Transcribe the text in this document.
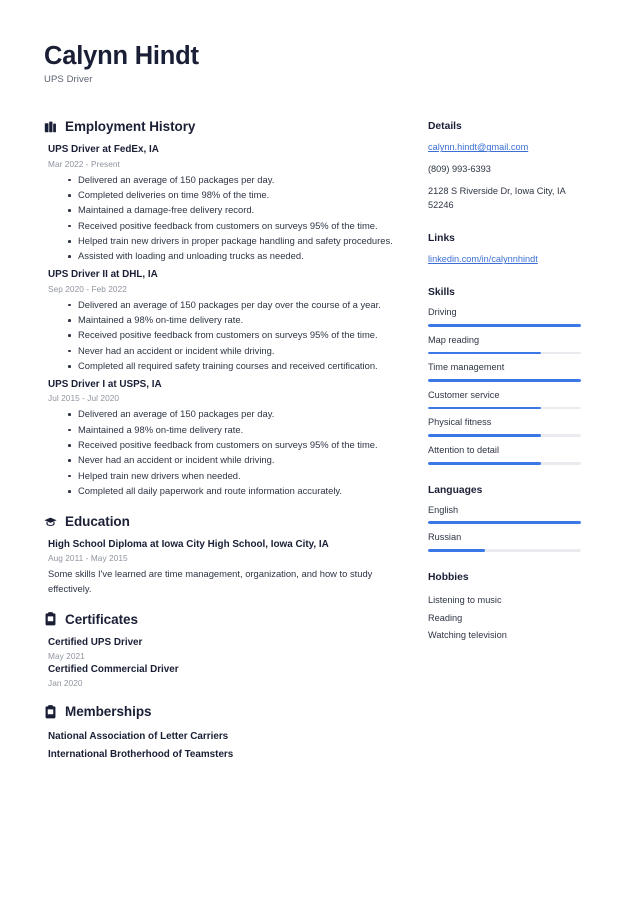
Calynn Hindt
UPS Driver
Employment History
UPS Driver at FedEx, IA
Mar 2022 - Present
Delivered an average of 150 packages per day.
Completed deliveries on time 98% of the time.
Maintained a damage-free delivery record.
Received positive feedback from customers on surveys 95% of the time.
Helped train new drivers in proper package handling and safety procedures.
Assisted with loading and unloading trucks as needed.
UPS Driver II at DHL, IA
Sep 2020 - Feb 2022
Delivered an average of 150 packages per day over the course of a year.
Maintained a 98% on-time delivery rate.
Received positive feedback from customers on surveys 95% of the time.
Never had an accident or incident while driving.
Completed all required safety training courses and received certification.
UPS Driver I at USPS, IA
Jul 2015 - Jul 2020
Delivered an average of 150 packages per day.
Maintained a 98% on-time delivery rate.
Received positive feedback from customers on surveys 95% of the time.
Never had an accident or incident while driving.
Helped train new drivers when needed.
Completed all daily paperwork and route information accurately.
Education
High School Diploma at Iowa City High School, Iowa City, IA
Aug 2011 - May 2015
Some skills I've learned are time management, organization, and how to study effectively.
Certificates
Certified UPS Driver
May 2021
Certified Commercial Driver
Jan 2020
Memberships
National Association of Letter Carriers
International Brotherhood of Teamsters
Details
calynn.hindt@gmail.com
(809) 993-6393
2128 S Riverside Dr, Iowa City, IA 52246
Links
linkedin.com/in/calynnhindt
Skills
Driving
Map reading
Time management
Customer service
Physical fitness
Attention to detail
Languages
English
Russian
Hobbies
Listening to music
Reading
Watching television
